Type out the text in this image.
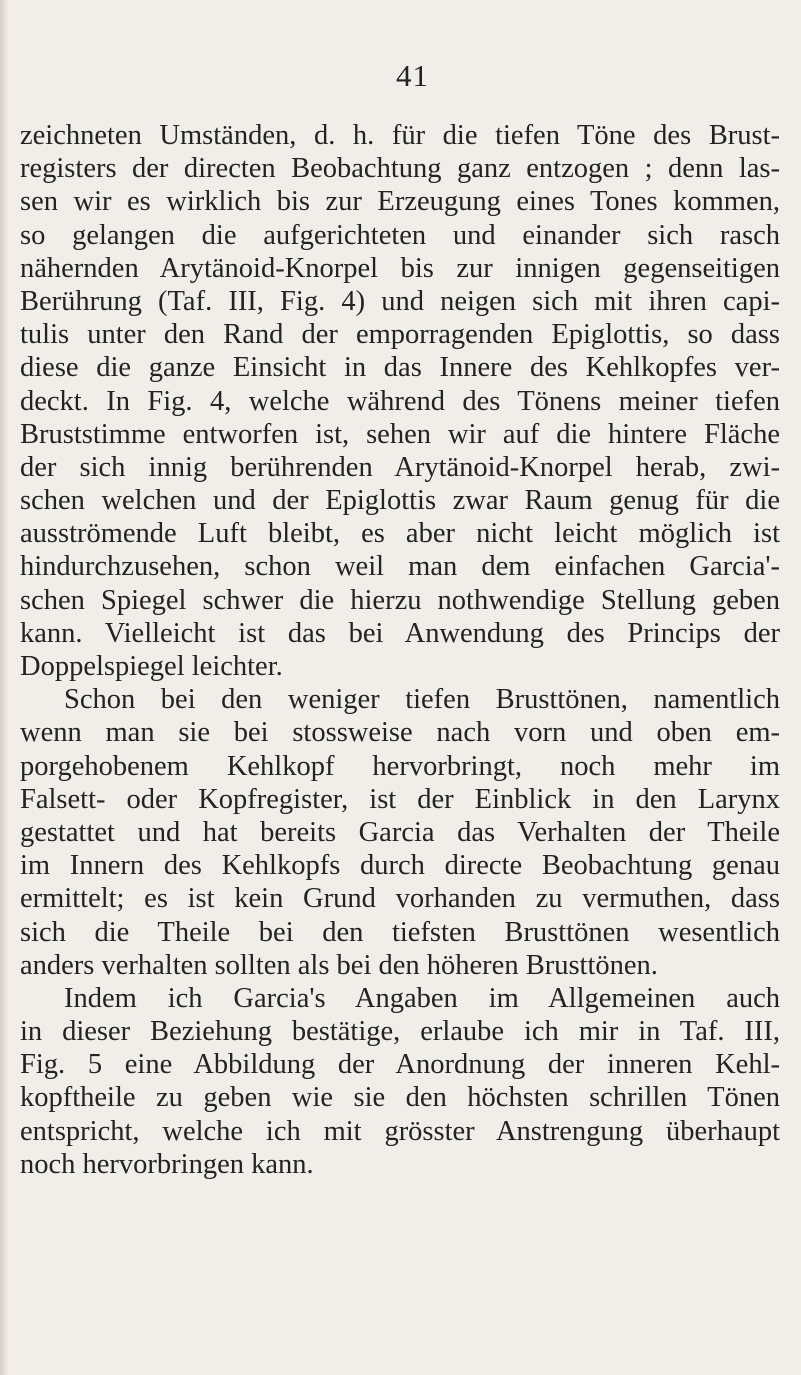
41
zeichneten Umständen, d. h. für die tiefen Töne des Brust-
registers der directen Beobachtung ganz entzogen ; denn las-
sen wir es wirklich bis zur Erzeugung eines Tones kommen,
so gelangen die aufgerichteten und einander sich rasch
nähernden Arytänoid-Knorpel bis zur innigen gegenseitigen
Berührung (Taf. III, Fig. 4) und neigen sich mit ihren capi-
tulis unter den Rand der emporragenden Epiglottis, so dass
diese die ganze Einsicht in das Innere des Kehlkopfes ver-
deckt. In Fig. 4, welche während des Tönens meiner tiefen
Bruststimme entworfen ist, sehen wir auf die hintere Fläche
der sich innig berührenden Arytänoid-Knorpel herab, zwi-
schen welchen und der Epiglottis zwar Raum genug für die
ausströmende Luft bleibt, es aber nicht leicht möglich ist
hindurchzusehen, schon weil man dem einfachen Garcia'-
schen Spiegel schwer die hierzu nothwendige Stellung geben
kann. Vielleicht ist das bei Anwendung des Princips der
Doppelspiegel leichter.
Schon bei den weniger tiefen Brusttönen, namentlich
wenn man sie bei stossweise nach vorn und oben em-
porgehobenem Kehlkopf hervorbringt, noch mehr im
Falsett- oder Kopfregister, ist der Einblick in den Larynx
gestattet und hat bereits Garcia das Verhalten der Theile
im Innern des Kehlkopfs durch directe Beobachtung genau
ermittelt; es ist kein Grund vorhanden zu vermuthen, dass
sich die Theile bei den tiefsten Brusttönen wesentlich
anders verhalten sollten als bei den höheren Brusttönen.
Indem ich Garcia's Angaben im Allgemeinen auch
in dieser Beziehung bestätige, erlaube ich mir in Taf. III,
Fig. 5 eine Abbildung der Anordnung der inneren Kehl-
kopftheile zu geben wie sie den höchsten schrillen Tönen
entspricht, welche ich mit grösster Anstrengung überhaupt
noch hervorbringen kann.
